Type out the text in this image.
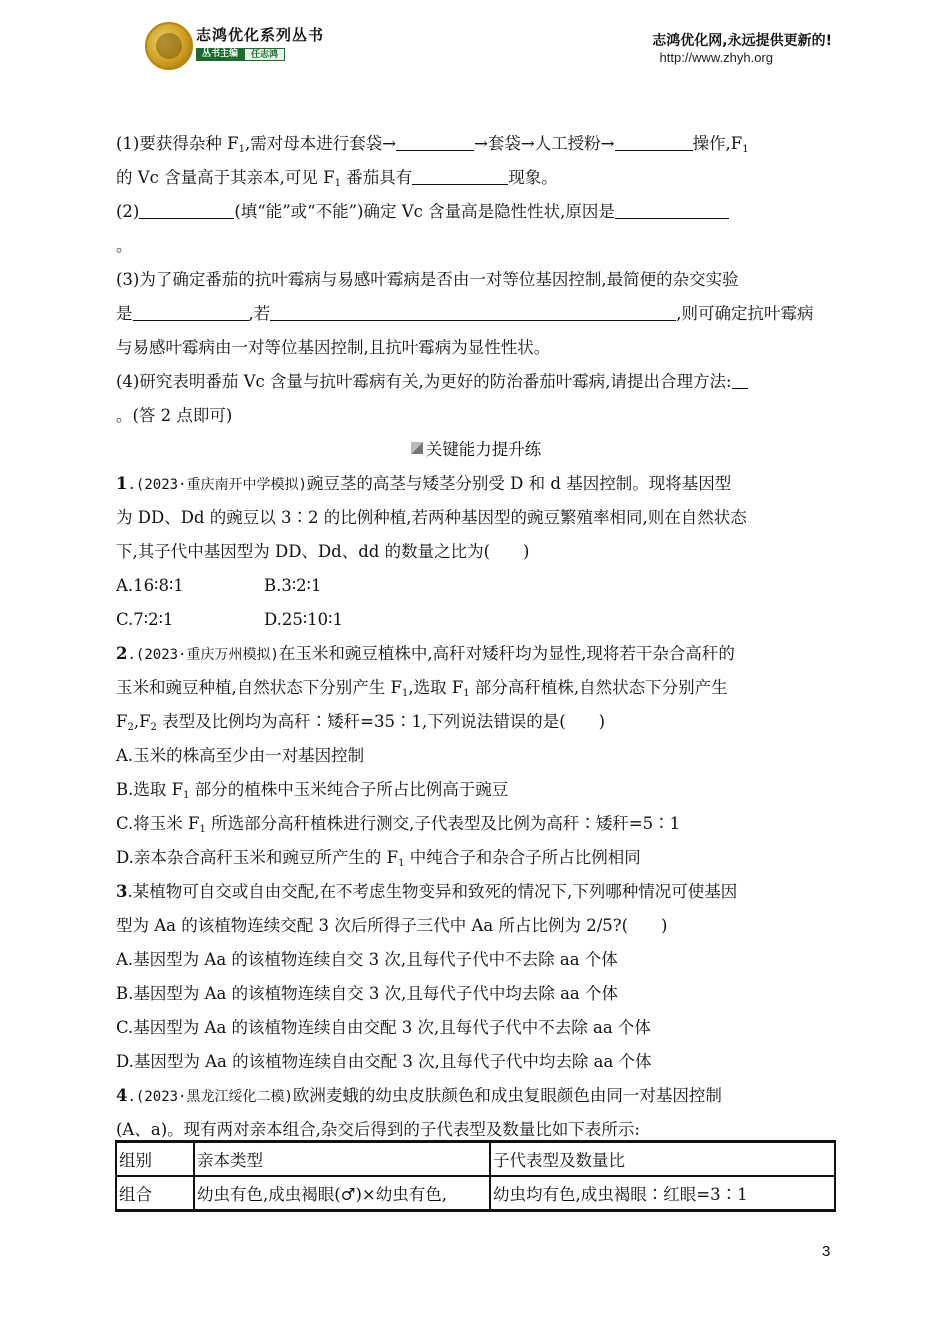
志鸿优化系列丛书
丛书主编	任志鸿
志鸿优化网,永远提供更新的!
http://www.zhyh.org
(1)要获得杂种 $F_1$,需对母本进行套袋→	→套袋→人工授粉→	操作$,F_1$
的 Vc 含量高于其亲本,可见 $F_1$ 番茄具有	现象。
(2)	(填“能”或“不能”)确定 Vc 含量高是隐性性状,原因是
。
(3)为了确定番茄的抗叶霉病与易感叶霉病是否由一对等位基因控制,最简便的杂交实验
是	,若	,则可确定抗叶霉病
与易感叶霉病由一对等位基因控制,且抗叶霉病为显性性状。
(4)研究表明番茄 Vc 含量与抗叶霉病有关,为更好的防治番茄叶霉病,请提出合理方法:
。(答 2 点即可)
关键能力提升练
1.(2023·重庆南开中学模拟)豌豆茎的高茎与矮茎分别受 D 和 d 基因控制。现将基因型
为 DD、Dd 的豌豆以 3∶2 的比例种植,若两种基因型的豌豆繁殖率相同,则在自然状态
下,其子代中基因型为 DD、Dd、dd 的数量之比为(　　)
A.16∶8∶1	B.3∶2∶1
C.7∶2∶1	D.25∶10∶1
2.(2023·重庆万州模拟)在玉米和豌豆植株中,高秆对矮秆均为显性,现将若干杂合高秆的
玉米和豌豆种植,自然状态下分别产生 $F_1$,选取 $F_1$ 部分高秆植株,自然状态下分别产生
$F_2,F_2$ 表型及比例均为高秆∶矮秆=35∶1,下列说法错误的是(　　)
A.玉米的株高至少由一对基因控制
B.选取 $F_1$ 部分的植株中玉米纯合子所占比例高于豌豆
C.将玉米 $F_1$ 所选部分高秆植株进行测交,子代表型及比例为高秆∶矮秆=5∶1
D.亲本杂合高秆玉米和豌豆所产生的 $F_1$ 中纯合子和杂合子所占比例相同
3.某植物可自交或自由交配,在不考虑生物变异和致死的情况下,下列哪种情况可使基因
型为 Aa 的该植物连续交配 3 次后所得子三代中 Aa 所占比例为 2/5?(　　)
A.基因型为 Aa 的该植物连续自交 3 次,且每代子代中不去除 aa 个体
B.基因型为 Aa 的该植物连续自交 3 次,且每代子代中均去除 aa 个体
C.基因型为 Aa 的该植物连续自由交配 3 次,且每代子代中不去除 aa 个体
D.基因型为 Aa 的该植物连续自由交配 3 次,且每代子代中均去除 aa 个体
4.(2023·黑龙江绥化二模)欧洲麦蛾的幼虫皮肤颜色和成虫复眼颜色由同一对基因控制
(A、a)。现有两对亲本组合,杂交后得到的子代表型及数量比如下表所示:
组别	亲本类型	子代表型及数量比
组合	幼虫有色,成虫褐眼(♂)×幼虫有色,	幼虫均有色,成虫褐眼∶红眼=3∶1
3
